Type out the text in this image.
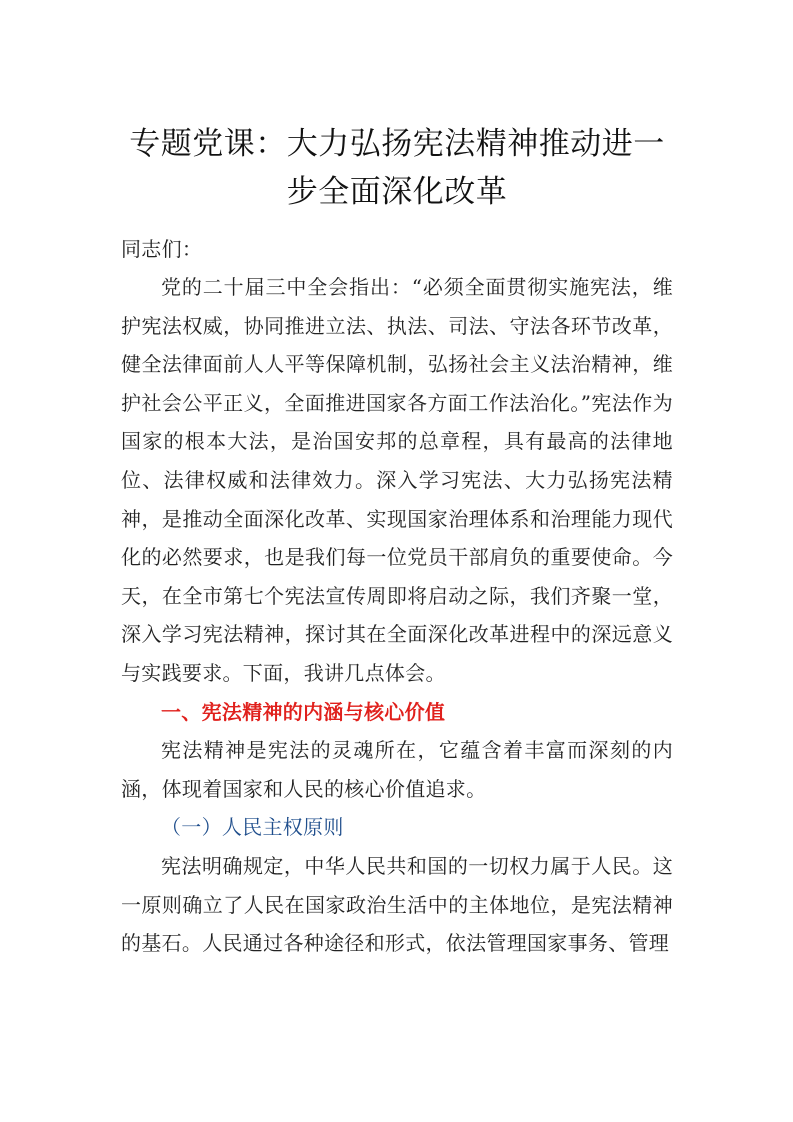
专题党课：大力弘扬宪法精神推动进一步全面深化改革

同志们：

党的二十届三中全会指出：“必须全面贯彻实施宪法，维护宪法权威，协同推进立法、执法、司法、守法各环节改革，健全法律面前人人平等保障机制，弘扬社会主义法治精神，维护社会公平正义，全面推进国家各方面工作法治化。”宪法作为国家的根本大法，是治国安邦的总章程，具有最高的法律地位、法律权威和法律效力。深入学习宪法、大力弘扬宪法精神，是推动全面深化改革、实现国家治理体系和治理能力现代化的必然要求，也是我们每一位党员干部肩负的重要使命。今天，在全市第七个宪法宣传周即将启动之际，我们齐聚一堂，深入学习宪法精神，探讨其在全面深化改革进程中的深远意义与实践要求。下面，我讲几点体会。

一、宪法精神的内涵与核心价值

宪法精神是宪法的灵魂所在，它蕴含着丰富而深刻的内涵，体现着国家和人民的核心价值追求。

（一）人民主权原则

宪法明确规定，中华人民共和国的一切权力属于人民。这一原则确立了人民在国家政治生活中的主体地位，是宪法精神的基石。人民通过各种途径和形式，依法管理国家事务、管理
